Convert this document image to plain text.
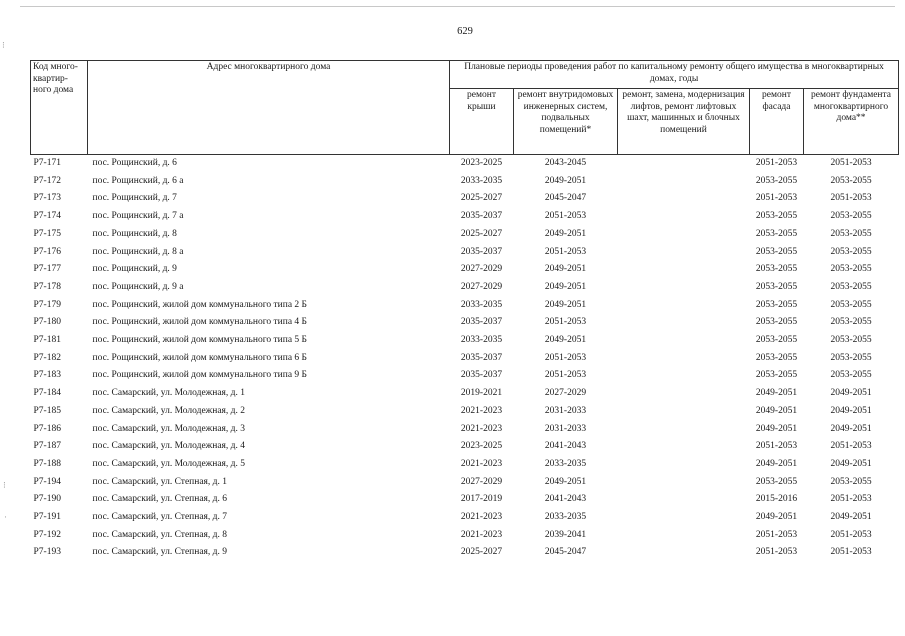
629
Код много-квартир-ного дома	Адрес многоквартирного дома	Плановые периоды проведения работ по капитальному ремонту общего имущества в многоквартирных домах, годы				
		ремонт крыши	ремонт внутридомовых инженерных систем, подвальных помещений*	ремонт, замена, модернизация лифтов, ремонт лифтовых шахт, машинных и блочных помещений	ремонт фасада	ремонт фундамента многоквартирного дома**
Р7-171	пос. Рощинский, д. 6	2023-2025	2043-2045		2051-2053	2051-2053
Р7-172	пос. Рощинский, д. 6 а	2033-2035	2049-2051		2053-2055	2053-2055
Р7-173	пос. Рощинский, д. 7	2025-2027	2045-2047		2051-2053	2051-2053
Р7-174	пос. Рощинский, д. 7 а	2035-2037	2051-2053		2053-2055	2053-2055
Р7-175	пос. Рощинский, д. 8	2025-2027	2049-2051		2053-2055	2053-2055
Р7-176	пос. Рощинский, д. 8 а	2035-2037	2051-2053		2053-2055	2053-2055
Р7-177	пос. Рощинский, д. 9	2027-2029	2049-2051		2053-2055	2053-2055
Р7-178	пос. Рощинский, д. 9 а	2027-2029	2049-2051		2053-2055	2053-2055
Р7-179	пос. Рощинский, жилой дом коммунального типа 2 Б	2033-2035	2049-2051		2053-2055	2053-2055
Р7-180	пос. Рощинский, жилой дом коммунального типа 4 Б	2035-2037	2051-2053		2053-2055	2053-2055
Р7-181	пос. Рощинский, жилой дом коммунального типа 5 Б	2033-2035	2049-2051		2053-2055	2053-2055
Р7-182	пос. Рощинский, жилой дом коммунального типа 6 Б	2035-2037	2051-2053		2053-2055	2053-2055
Р7-183	пос. Рощинский, жилой дом коммунального типа 9 Б	2035-2037	2051-2053		2053-2055	2053-2055
Р7-184	пос. Самарский, ул. Молодежная, д. 1	2019-2021	2027-2029		2049-2051	2049-2051
Р7-185	пос. Самарский, ул. Молодежная, д. 2	2021-2023	2031-2033		2049-2051	2049-2051
Р7-186	пос. Самарский, ул. Молодежная, д. 3	2021-2023	2031-2033		2049-2051	2049-2051
Р7-187	пос. Самарский, ул. Молодежная, д. 4	2023-2025	2041-2043		2051-2053	2051-2053
Р7-188	пос. Самарский, ул. Молодежная, д. 5	2021-2023	2033-2035		2049-2051	2049-2051
Р7-194	пос. Самарский, ул. Степная, д. 1	2027-2029	2049-2051		2053-2055	2053-2055
Р7-190	пос. Самарский, ул. Степная, д. 6	2017-2019	2041-2043		2015-2016	2051-2053
Р7-191	пос. Самарский, ул. Степная, д. 7	2021-2023	2033-2035		2049-2051	2049-2051
Р7-192	пос. Самарский, ул. Степная, д. 8	2021-2023	2039-2041		2051-2053	2051-2053
Р7-193	пос. Самарский, ул. Степная, д. 9	2025-2027	2045-2047		2051-2053	2051-2053
⁝
⁝
·
